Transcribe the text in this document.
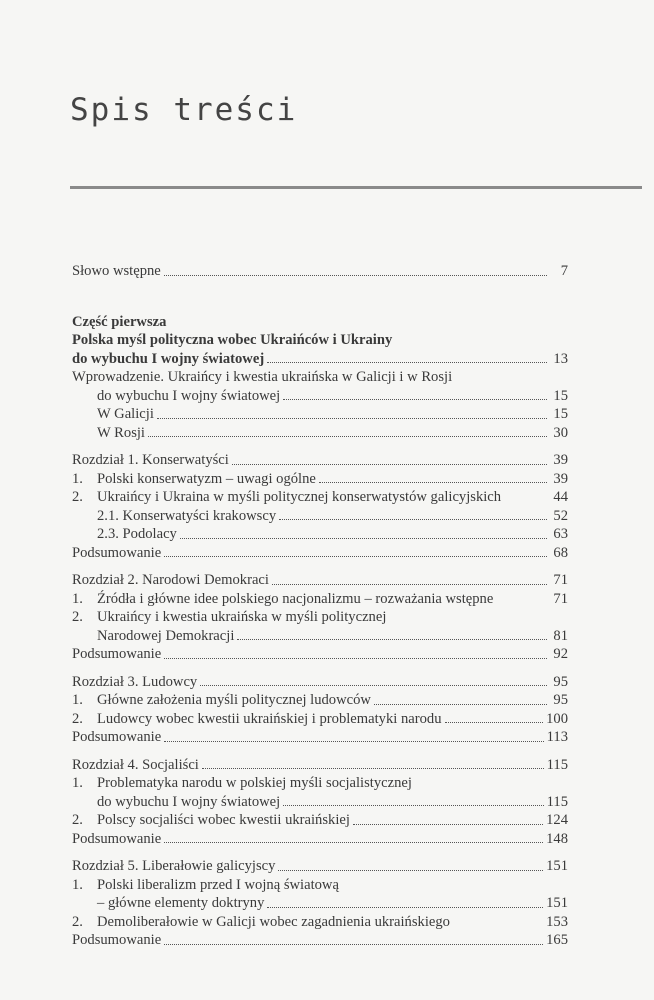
Spis treści
Słowo wstępne	7
Część pierwsza
Polska myśl polityczna wobec Ukraińców i Ukrainy
do wybuchu I wojny światowej	13
Wprowadzenie. Ukraińcy i kwestia ukraińska w Galicji i w Rosji
do wybuchu I wojny światowej	15
W Galicji	15
W Rosji	30
Rozdział 1. Konserwatyści	39
1. Polski konserwatyzm – uwagi ogólne	39
2. Ukraińcy i Ukraina w myśli politycznej konserwatystów galicyjskich	44
2.1. Konserwatyści krakowscy	52
2.3. Podolacy	63
Podsumowanie	68
Rozdział 2. Narodowi Demokraci	71
1. Źródła i główne idee polskiego nacjonalizmu – rozważania wstępne	71
2. Ukraińcy i kwestia ukraińska w myśli politycznej
Narodowej Demokracji	81
Podsumowanie	92
Rozdział 3. Ludowcy	95
1. Główne założenia myśli politycznej ludowców	95
2. Ludowcy wobec kwestii ukraińskiej i problematyki narodu	100
Podsumowanie	113
Rozdział 4. Socjaliści	115
1. Problematyka narodu w polskiej myśli socjalistycznej
do wybuchu I wojny światowej	115
2. Polscy socjaliści wobec kwestii ukraińskiej	124
Podsumowanie	148
Rozdział 5. Liberałowie galicyjscy	151
1. Polski liberalizm przed I wojną światową
– główne elementy doktryny	151
2. Demoliberałowie w Galicji wobec zagadnienia ukraińskiego	153
Podsumowanie	165
